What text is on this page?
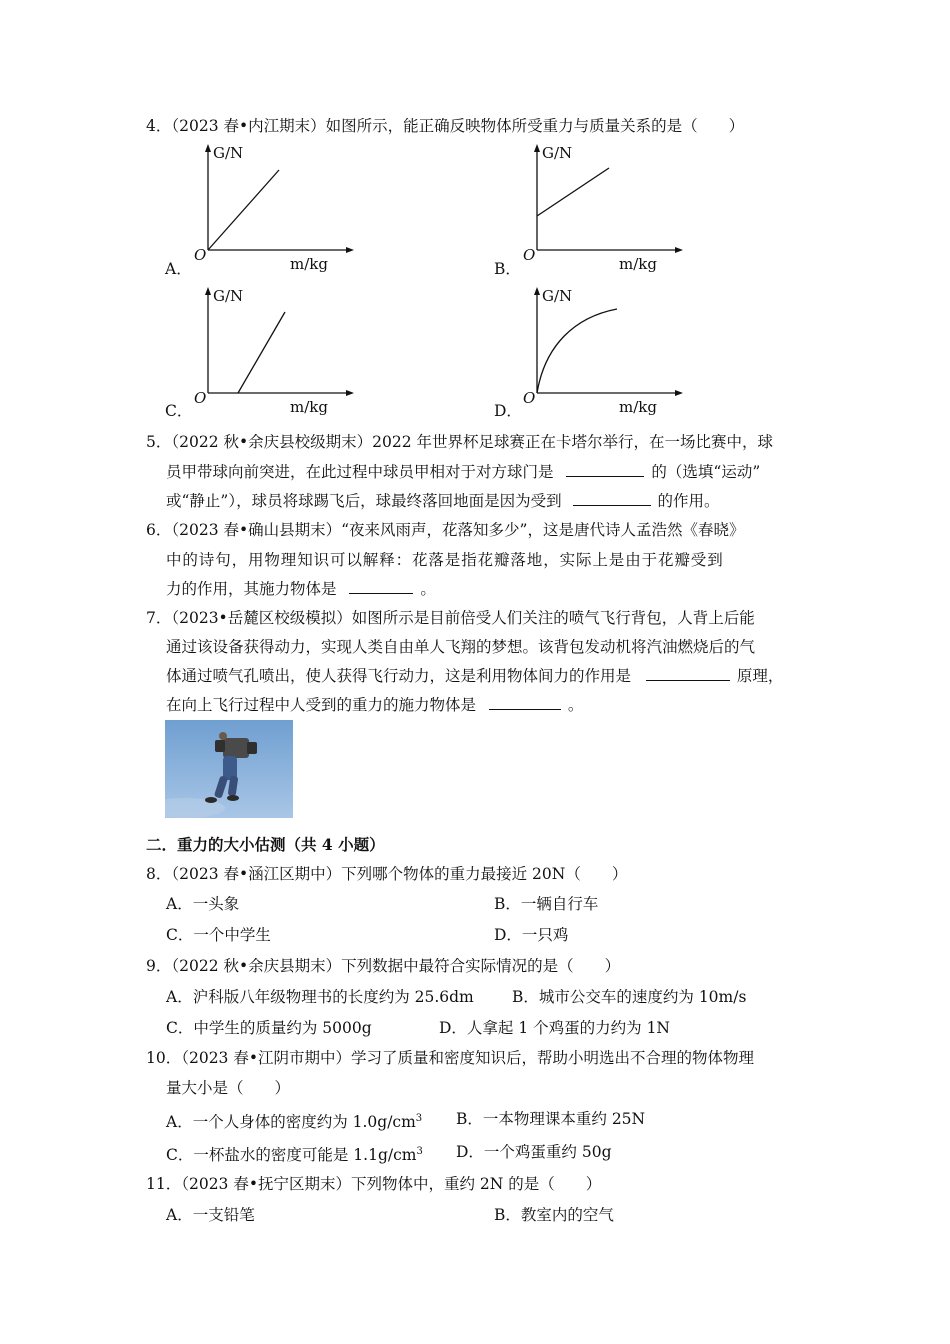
4．（2023 春•内江期末）如图所示，能正确反映物体所受重力与质量关系的是（　　）
G/N
O	m/kg
A．
G/N
O	m/kg
B．
G/N
O	m/kg
C．
G/N
O	m/kg
D．
5．（2022 秋•余庆县校级期末）2022 年世界杯足球赛正在卡塔尔举行，在一场比赛中，球
员甲带球向前突进，在此过程中球员甲相对于对方球门是	的（选填“运动”
或“静止”），球员将球踢飞后，球最终落回地面是因为受到	的作用。
6．（2023 春•确山县期末）“夜来风雨声，花落知多少”，这是唐代诗人孟浩然《春晓》
中的诗句，用物理知识可以解释：花落是指花瓣落地，实际上是由于花瓣受到
力的作用，其施力物体是	。
7．（2023•岳麓区校级模拟）如图所示是目前倍受人们关注的喷气飞行背包，人背上后能
通过该设备获得动力，实现人类自由单人飞翔的梦想。该背包发动机将汽油燃烧后的气
体通过喷气孔喷出，使人获得飞行动力，这是利用物体间力的作用是	原理，
在向上飞行过程中人受到的重力的施力物体是	。
二．重力的大小估测（共 4 小题）
8．（2023 春•涵江区期中）下列哪个物体的重力最接近 20N（　　）
A．一头象	B．一辆自行车
C．一个中学生	D．一只鸡
9．（2022 秋•余庆县期末）下列数据中最符合实际情况的是（　　）
A．沪科版八年级物理书的长度约为 25.6dm B．城市公交车的速度约为 10m/s
C．中学生的质量约为 5000g	D．人拿起 1 个鸡蛋的力约为 1N
10．（2023 春•江阴市期中）学习了质量和密度知识后，帮助小明选出不合理的物体物理
量大小是（　　）
A．一个人身体的密度约为 $1.0g/cm^3$ B．一本物理课本重约 25N
C．一杯盐水的密度可能是 $1.1g/cm^3$ D．一个鸡蛋重约 50g
11．（2023 春•抚宁区期末）下列物体中，重约 2N 的是（　　）
A．一支铅笔	B．教室内的空气
